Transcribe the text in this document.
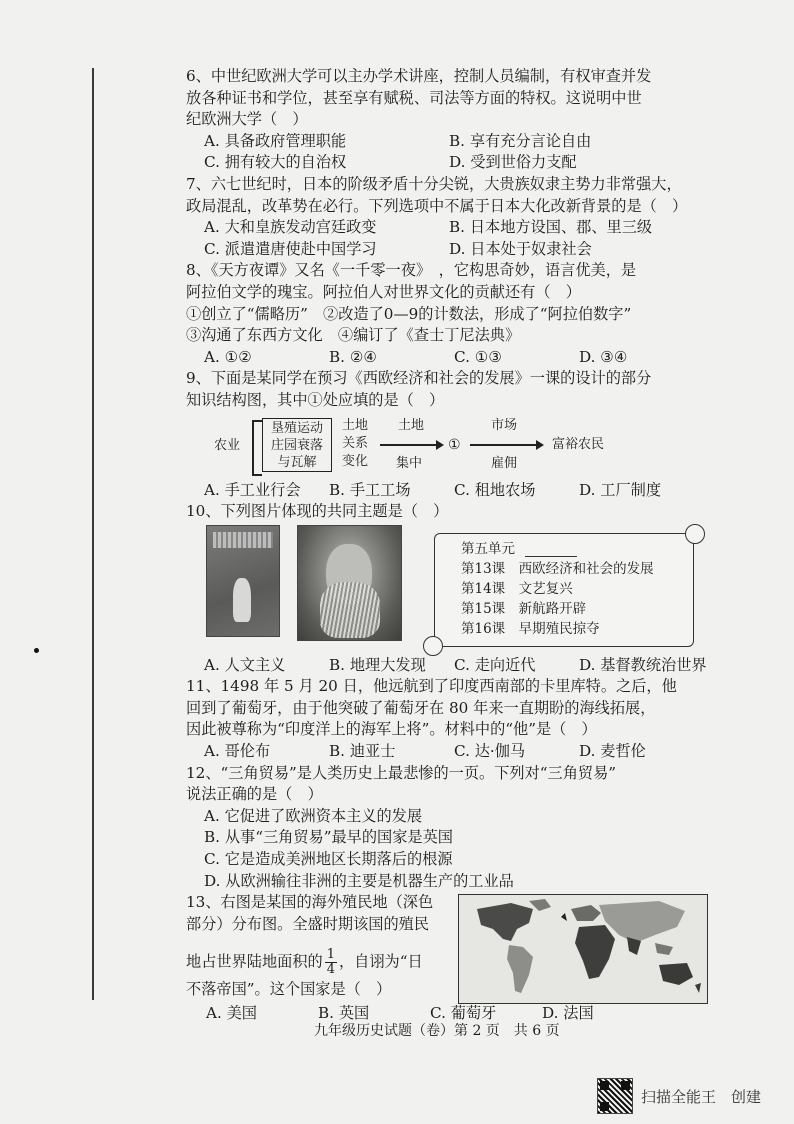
6、中世纪欧洲大学可以主办学术讲座，控制人员编制，有权审查并发
放各种证书和学位，甚至享有赋税、司法等方面的特权。这说明中世
纪欧洲大学（　）
A. 具备政府管理职能	B. 享有充分言论自由
C. 拥有较大的自治权	D. 受到世俗力支配
7、六七世纪时，日本的阶级矛盾十分尖锐，大贵族奴隶主势力非常强大，
政局混乱，改革势在必行。下列选项中不属于日本大化改新背景的是（　）
A. 大和皇族发动宫廷政变	B. 日本地方设国、郡、里三级
C. 派遣遣唐使赴中国学习	D. 日本处于奴隶社会
8、《天方夜谭》又名《一千零一夜》　，它构思奇妙，语言优美，是
阿拉伯文学的瑰宝。阿拉伯人对世界文化的贡献还有（　）
①创立了“儒略历”　②改造了0—9的计数法，形成了“阿拉伯数字”
③沟通了东西方文化　④编订了《查士丁尼法典》
A. ①②	B. ②④	C. ①③	D. ③④
9、下面是某同学在预习《西欧经济和社会的发展》一课的设计的部分
知识结构图，其中①处应填的是（　）
农业
垦殖运动
庄园衰落
与瓦解
土地
关系
变化
土地
集中
①
市场
雇佣
富裕农民
A. 手工业行会	B. 手工工场	C. 租地农场	D. 工厂制度
10、下列图片体现的共同主题是（　）
第五单元
第13课　西欧经济和社会的发展
第14课　文艺复兴
第15课　新航路开辟
第16课　早期殖民掠夺
A. 人文主义	B. 地理大发现	C. 走向近代	D. 基督教统治世界
11、1498 年 5 月 20 日，他远航到了印度西南部的卡里库特。之后，他
回到了葡萄牙，由于他突破了葡萄牙在 80 年来一直期盼的海线拓展，
因此被尊称为“印度洋上的海军上将”。材料中的“他”是（　）
A. 哥伦布	B. 迪亚士	C. 达·伽马	D. 麦哲伦
12、“三角贸易”是人类历史上最悲惨的一页。下列对“三角贸易”
说法正确的是（　）
A. 它促进了欧洲资本主义的发展
B. 从事“三角贸易”最早的国家是英国
C. 它是造成美洲地区长期落后的根源
D. 从欧洲输往非洲的主要是机器生产的工业品
13、右图是某国的海外殖民地（深色
部分）分布图。全盛时期该国的殖民
地占世界陆地面积的 $\frac{1}{4}$ ，自诩为“日
不落帝国”。这个国家是（　）
A. 美国	B. 英国	C. 葡萄牙	D. 法国
九年级历史试题（卷）第 2 页　共 6 页
扫描全能王　创建
